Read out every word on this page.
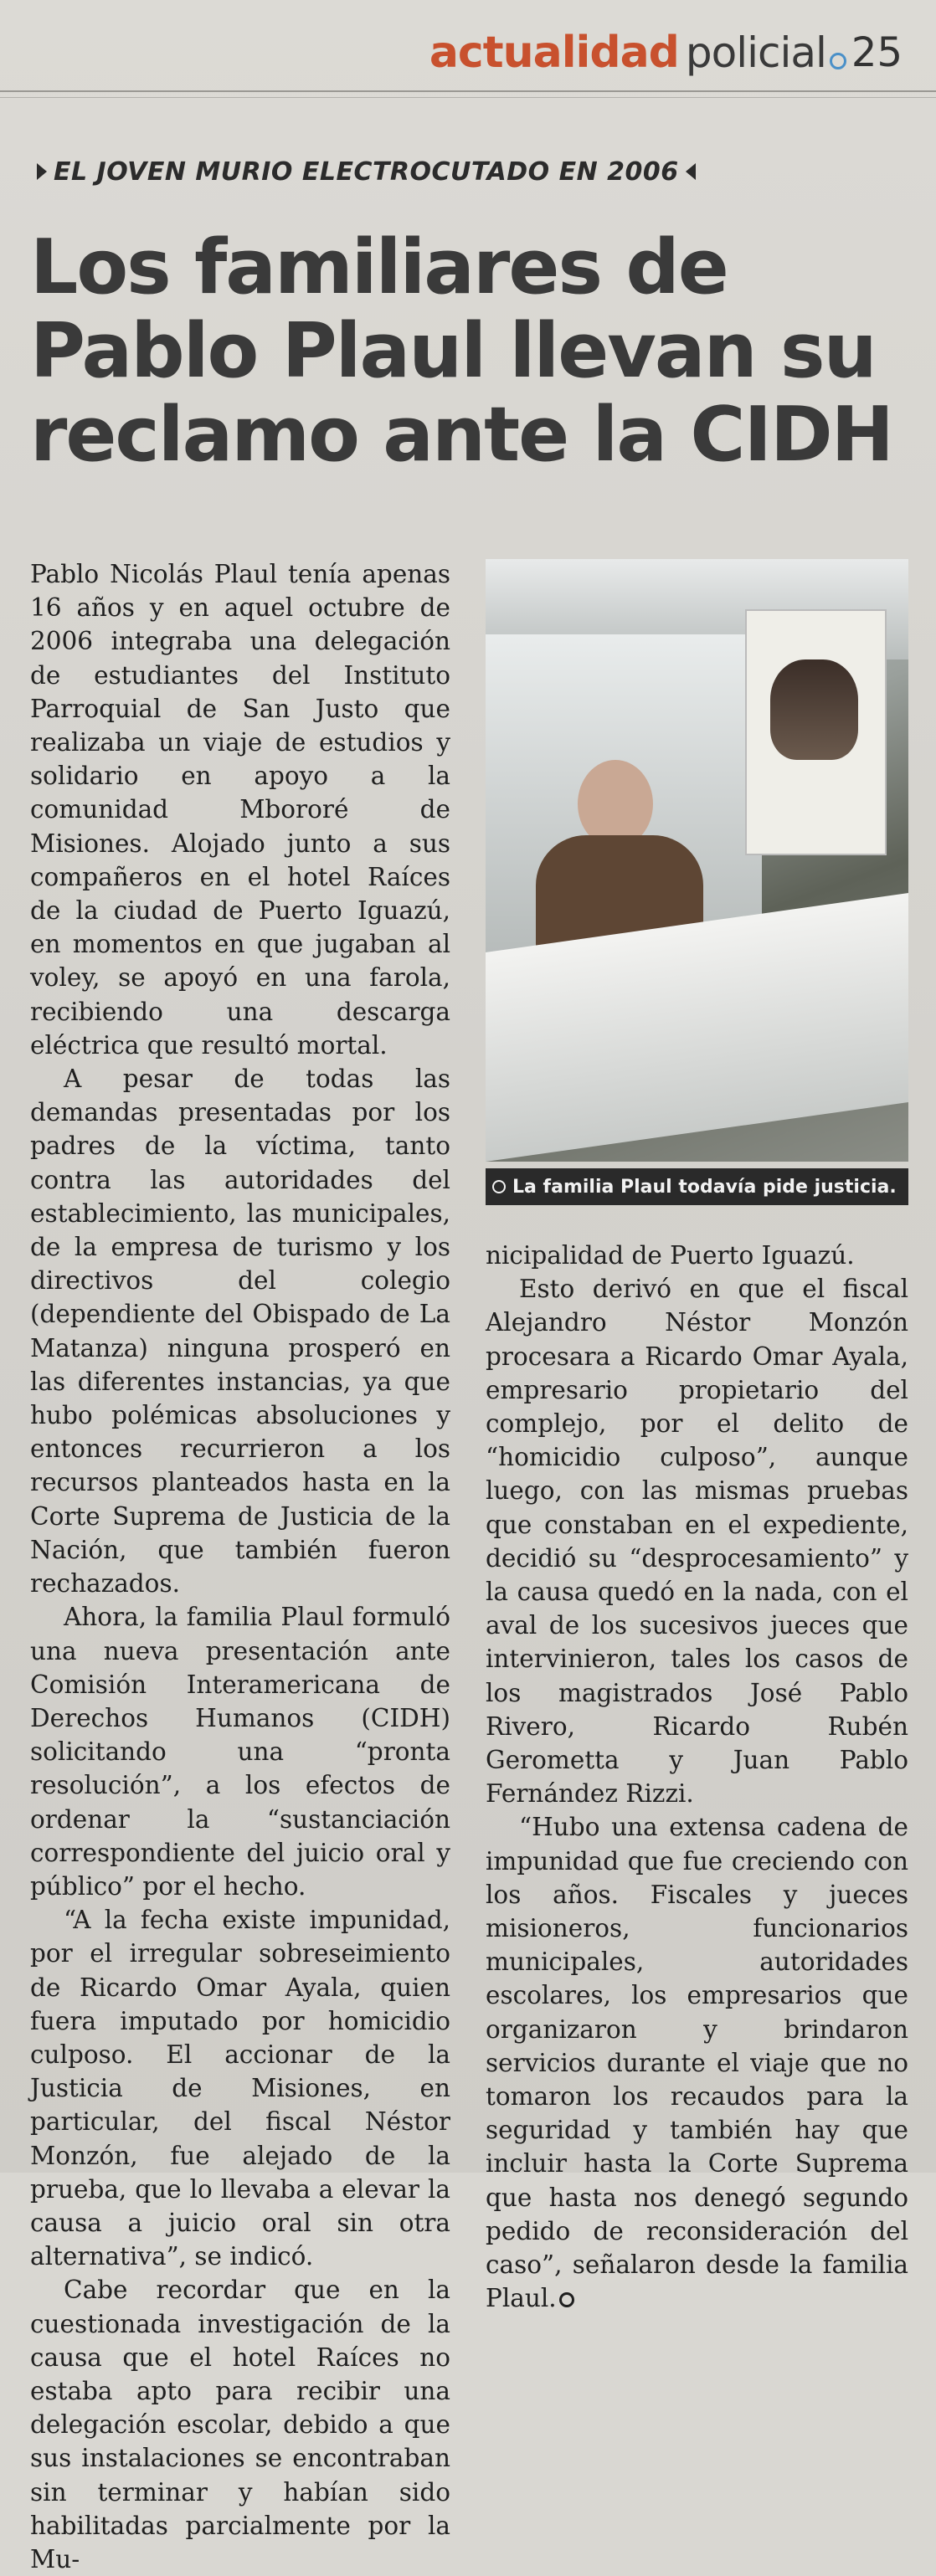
actualidad policial 25
EL JOVEN MURIO ELECTROCUTADO EN 2006
Los familiares de
Pablo Plaul llevan su
reclamo ante la CIDH
La familia Plaul todavía pide justicia.

Pablo Nicolás Plaul tenía apenas 16 años y en aquel octubre de 2006 integraba una delegación de estudiantes del Instituto Parroquial de San Justo que realizaba un viaje de estudios y solidario en apoyo a la comunidad Mbororé de Misiones. Alojado junto a sus compañeros en el hotel Raíces de la ciudad de Puerto Iguazú, en momentos en que jugaban al voley, se apoyó en una farola, recibiendo una descarga eléctrica que resultó mortal.

A pesar de todas las demandas presentadas por los padres de la víctima, tanto contra las autoridades del establecimiento, las municipales, de la empresa de turismo y los directivos del colegio (dependiente del Obispado de La Matanza) ninguna prosperó en las diferentes instancias, ya que hubo polémicas absoluciones y entonces recurrieron a los recursos planteados hasta en la Corte Suprema de Justicia de la Nación, que también fueron rechazados.

Ahora, la familia Plaul formuló una nueva presentación ante Comisión Interamericana de Derechos Humanos (CIDH) solicitando una “pronta resolución”, a los efectos de ordenar la “sustanciación correspondiente del juicio oral y público” por el hecho.

“A la fecha existe impunidad, por el irregular sobreseimiento de Ricardo Omar Ayala, quien fuera imputado por homicidio culposo. El accionar de la Justicia de Misiones, en particular, del fiscal Néstor Monzón, fue alejado de la prueba, que lo llevaba a elevar la causa a juicio oral sin otra alternativa”, se indicó.

Cabe recordar que en la cuestionada investigación de la causa que el hotel Raíces no estaba apto para recibir una delegación escolar, debido a que sus instalaciones se encontraban sin terminar y habían sido habilitadas parcialmente por la Mu-

nicipalidad de Puerto Iguazú.

Esto derivó en que el fiscal Alejandro Néstor Monzón procesara a Ricardo Omar Ayala, empresario propietario del complejo, por el delito de “homicidio culposo”, aunque luego, con las mismas pruebas que constaban en el expediente, decidió su “desprocesamiento” y la causa quedó en la nada, con el aval de los sucesivos jueces que intervinieron, tales los casos de los magistrados José Pablo Rivero, Ricardo Rubén Gerometta y Juan Pablo Fernández Rizzi.

“Hubo una extensa cadena de impunidad que fue creciendo con los años. Fiscales y jueces misioneros, funcionarios municipales, autoridades escolares, los empresarios que organizaron y brindaron servicios durante el viaje que no tomaron los recaudos para la seguridad y también hay que incluir hasta la Corte Suprema que hasta nos denegó segundo pedido de reconsideración del caso”, señalaron desde la familia Plaul.
